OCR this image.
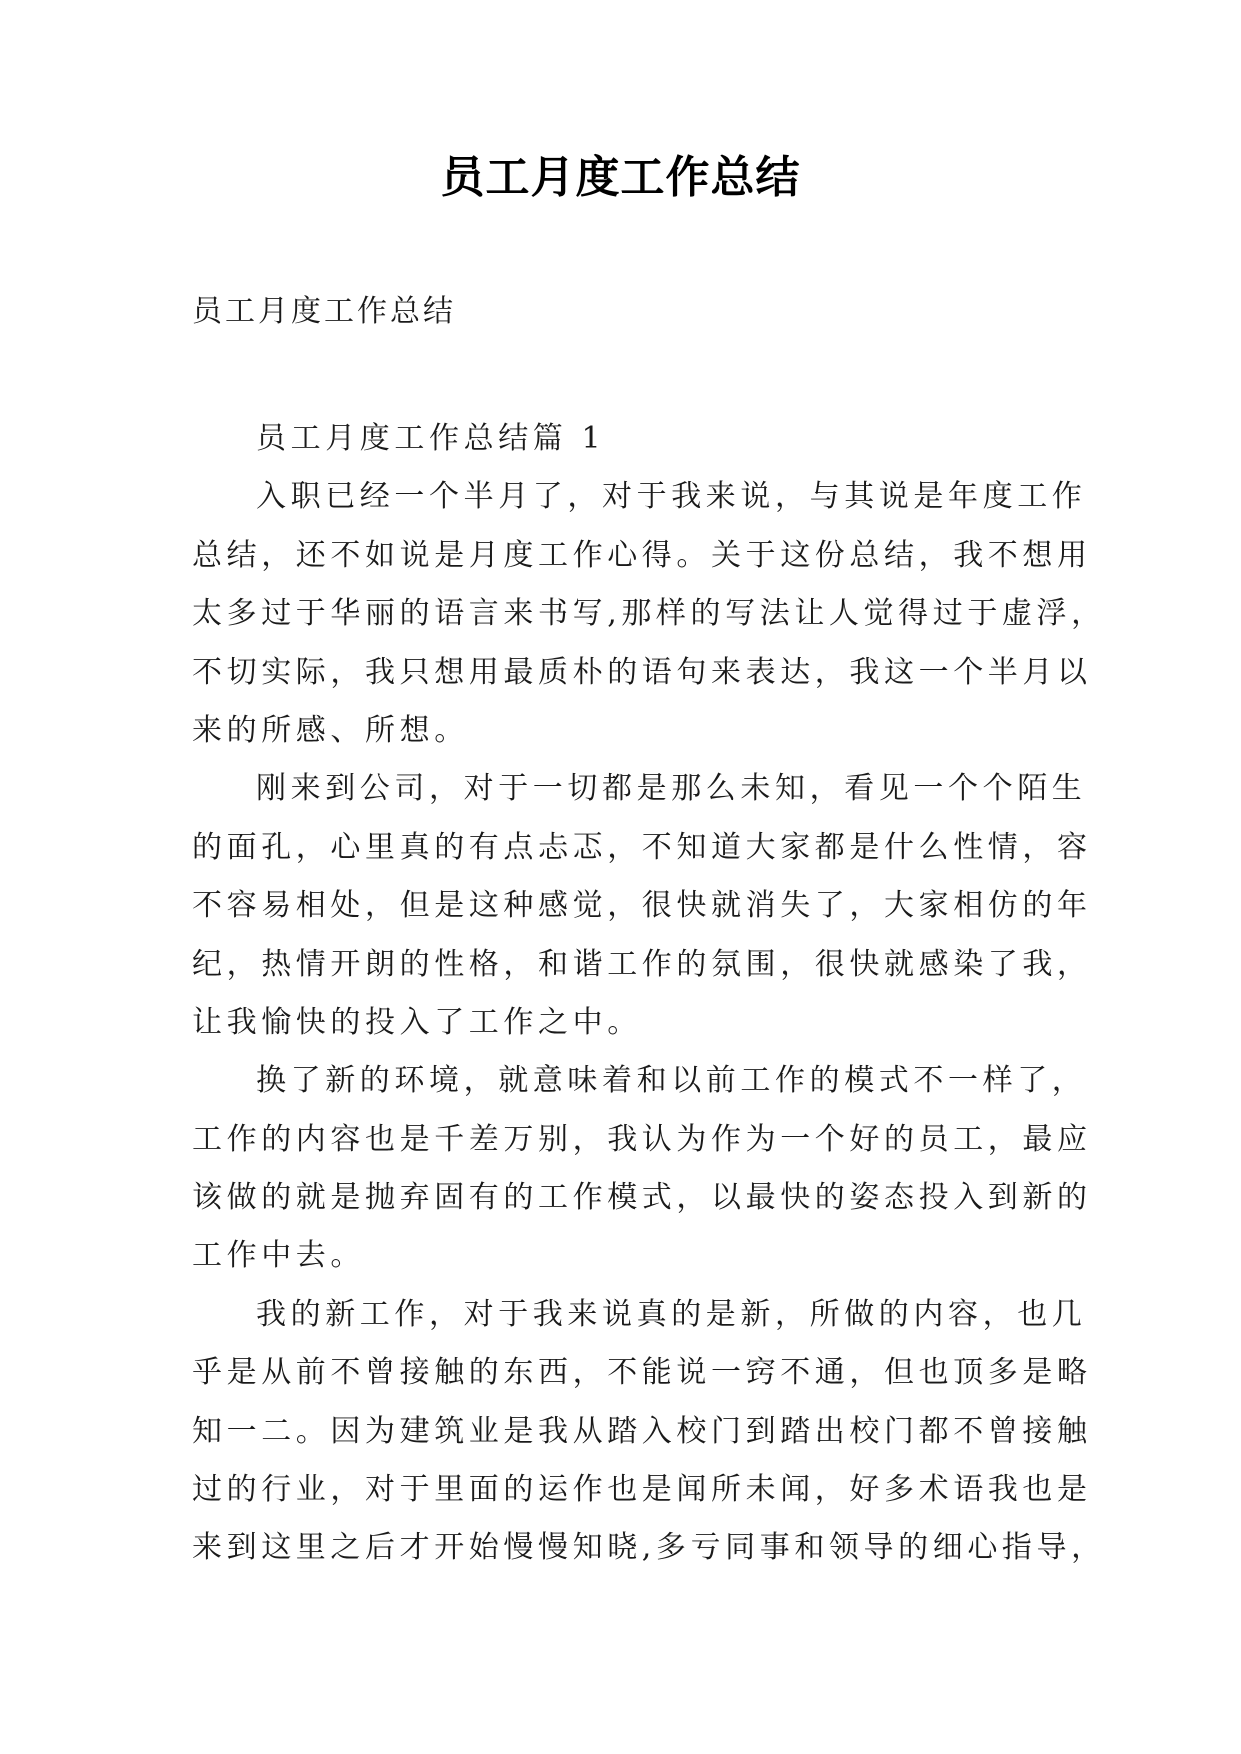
员工月度工作总结
员工月度工作总结
员工月度工作总结篇 1
入职已经一个半月了，对于我来说，与其说是年度工作
总结，还不如说是月度工作心得。关于这份总结，我不想用
太多过于华丽的语言来书写,那样的写法让人觉得过于虚浮，
不切实际，我只想用最质朴的语句来表达，我这一个半月以
来的所感、所想。
刚来到公司，对于一切都是那么未知，看见一个个陌生
的面孔，心里真的有点忐忑，不知道大家都是什么性情，容
不容易相处，但是这种感觉，很快就消失了，大家相仿的年
纪，热情开朗的性格，和谐工作的氛围，很快就感染了我，
让我愉快的投入了工作之中。
换了新的环境，就意味着和以前工作的模式不一样了，
工作的内容也是千差万别，我认为作为一个好的员工，最应
该做的就是抛弃固有的工作模式，以最快的姿态投入到新的
工作中去。
我的新工作，对于我来说真的是新，所做的内容，也几
乎是从前不曾接触的东西，不能说一窍不通，但也顶多是略
知一二。因为建筑业是我从踏入校门到踏出校门都不曾接触
过的行业，对于里面的运作也是闻所未闻，好多术语我也是
来到这里之后才开始慢慢知晓,多亏同事和领导的细心指导，
